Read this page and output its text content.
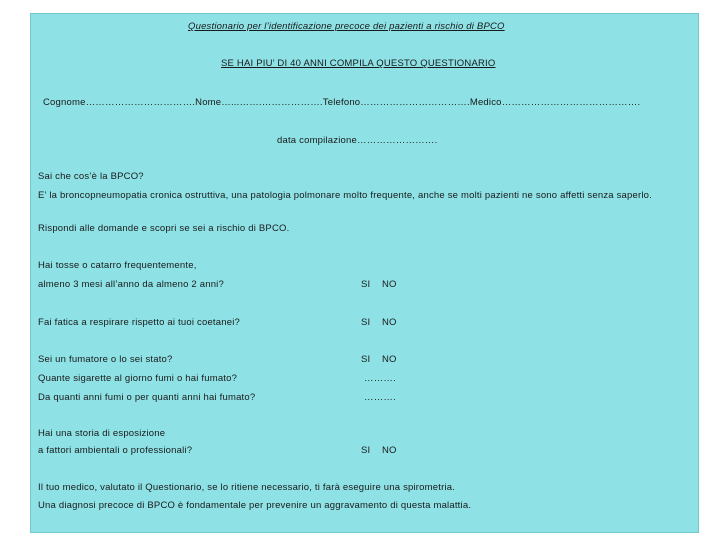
Questionario per l’identificazione precoce dei pazienti a rischio di BPCO
SE HAI PIU’ DI 40 ANNI COMPILA QUESTO QUESTIONARIO
Cognome…………………………….Nome…...…….……………….Telefono…………………………….Medico…………………………………….
data compilazione…………………….
Sai che cos’è la BPCO?
E’ la broncopneumopatia cronica ostruttiva, una patologia polmonare molto frequente, anche se molti pazienti ne sono affetti senza saperlo.
Rispondi alle domande e scopri se sei a rischio di BPCO.
Hai tosse o catarro frequentemente,
almeno 3 mesi all’anno da almeno 2 anni?	SI NO
Fai fatica a respirare rispetto ai tuoi coetanei?	SI NO
Sei un fumatore o lo sei stato?	SI NO
Quante sigarette al giorno fumi o hai fumato?	……….
Da quanti anni fumi o per quanti anni hai fumato?	……….
Hai una storia di esposizione
a fattori ambientali o professionali?	SI NO
Il tuo medico, valutato il Questionario, se lo ritiene necessario, ti farà eseguire una spirometria.
Una diagnosi precoce di BPCO è fondamentale per prevenire un aggravamento di questa malattia.
